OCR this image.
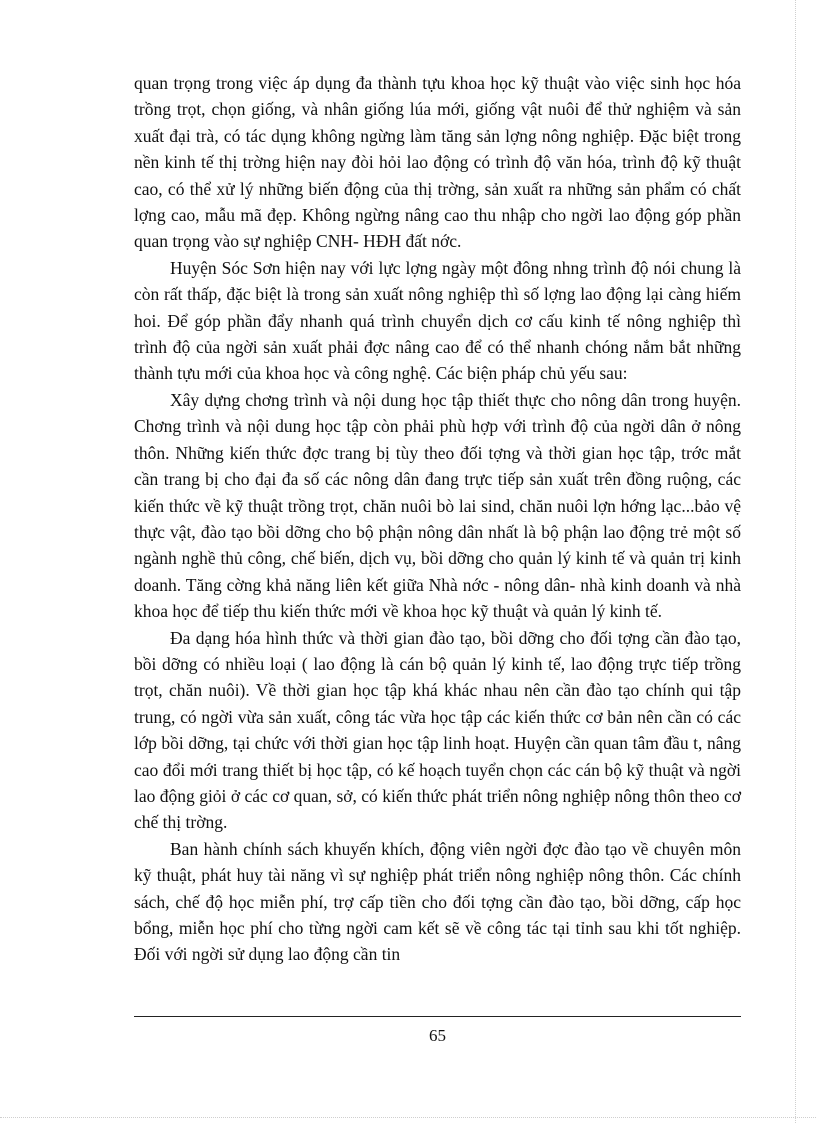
quan trọng trong việc áp dụng đa thành tựu khoa học kỹ thuật vào việc sinh học hóa trồng trọt, chọn giống, và nhân giống lúa mới, giống vật nuôi để thử nghiệm và sản xuất đại trà, có tác dụng không ngừng làm tăng sản lợng nông nghiệp. Đặc biệt trong nền kinh tế thị trờng hiện nay đòi hỏi lao động có trình độ văn hóa, trình độ kỹ thuật cao, có thể xử lý những biến động của thị trờng, sản xuất ra những sản phẩm có chất lợng cao, mẫu mã đẹp. Không ngừng nâng cao thu nhập cho ngời lao động góp phần quan trọng vào sự nghiệp CNH- HĐH đất nớc.

Huyện Sóc Sơn hiện nay với lực lợng ngày một đông nhng trình độ nói chung là còn rất thấp, đặc biệt là trong sản xuất nông nghiệp thì số lợng lao động lại càng hiếm hoi. Để góp phần đẩy nhanh quá trình chuyển dịch cơ cấu kinh tế nông nghiệp thì trình độ của ngời sản xuất phải đợc nâng cao để có thể nhanh chóng nắm bắt những thành tựu mới của khoa học và công nghệ. Các biện pháp chủ yếu sau:

Xây dựng chơng trình và nội dung học tập thiết thực cho nông dân trong huyện. Chơng trình và nội dung học tập còn phải phù hợp với trình độ của ngời dân ở nông thôn. Những kiến thức đợc trang bị tùy theo đối tợng và thời gian học tập, trớc mắt cần trang bị cho đại đa số các nông dân đang trực tiếp sản xuất trên đồng ruộng, các kiến thức về kỹ thuật trồng trọt, chăn nuôi bò lai sind, chăn nuôi lợn hớng lạc...bảo vệ thực vật, đào tạo bồi dỡng cho bộ phận nông dân nhất là bộ phận lao động trẻ một số ngành nghề thủ công, chế biến, dịch vụ, bồi dỡng cho quản lý kinh tế và quản trị kinh doanh. Tăng cờng khả năng liên kết giữa Nhà nớc - nông dân- nhà kinh doanh và nhà khoa học để tiếp thu kiến thức mới về khoa học kỹ thuật và quản lý kinh tế.

Đa dạng hóa hình thức và thời gian đào tạo, bồi dỡng cho đối tợng cần đào tạo, bồi dỡng có nhiều loại ( lao động là cán bộ quản lý kinh tế, lao động trực tiếp trồng trọt, chăn nuôi). Về thời gian học tập khá khác nhau nên cần đào tạo chính qui tập trung, có ngời vừa sản xuất, công tác vừa học tập các kiến thức cơ bản nên cần có các lớp bồi dỡng, tại chức với thời gian học tập linh hoạt. Huyện cần quan tâm đầu t, nâng cao đổi mới trang thiết bị học tập, có kế hoạch tuyển chọn các cán bộ kỹ thuật và ngời lao động giỏi ở các cơ quan, sở, có kiến thức phát triển nông nghiệp nông thôn theo cơ chế thị trờng.

Ban hành chính sách khuyến khích, động viên ngời đợc đào tạo về chuyên môn kỹ thuật, phát huy tài năng vì sự nghiệp phát triển nông nghiệp nông thôn. Các chính sách, chế độ học miễn phí, trợ cấp tiền cho đối tợng cần đào tạo, bồi dỡng, cấp học bổng, miễn học phí cho từng ngời cam kết sẽ về công tác tại tỉnh sau khi tốt nghiệp. Đối với ngời sử dụng lao động cần tin

65
